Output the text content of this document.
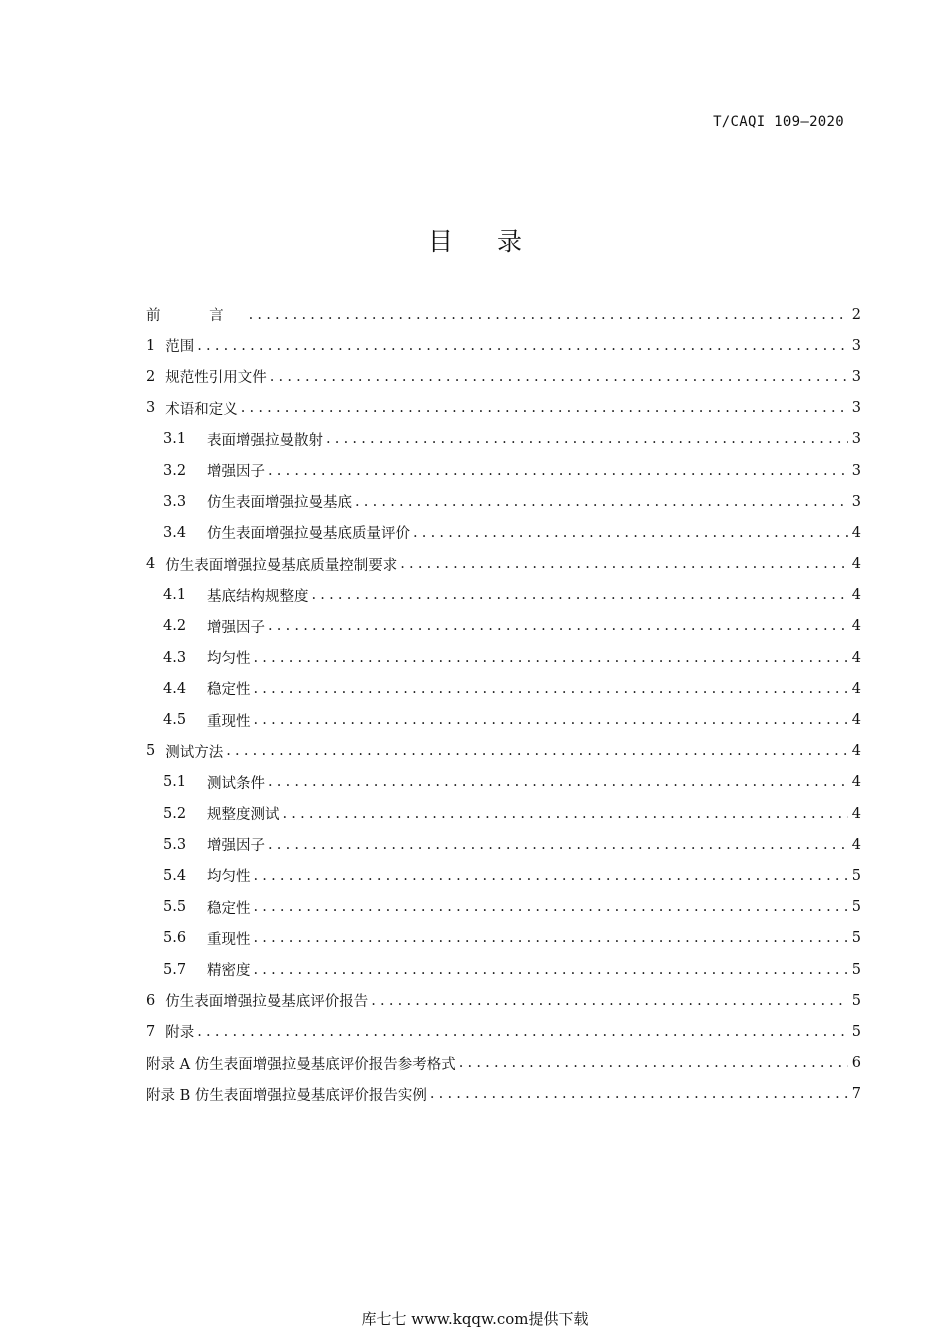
T/CAQI 109—2020
目 录
前 言 .....	2
1 范围 .....	3
2 规范性引用文件 .....	3
3 术语和定义 .....	3
3.1	表面增强拉曼散射 .....	3
3.2	增强因子 .....	3
3.3	仿生表面增强拉曼基底 .....	3
3.4	仿生表面增强拉曼基底质量评价 .....	4
4 仿生表面增强拉曼基底质量控制要求 .....	4
4.1	基底结构规整度 .....	4
4.2	增强因子 .....	4
4.3	均匀性 .....	4
4.4	稳定性 .....	4
4.5	重现性 .....	4
5 测试方法 .....	4
5.1	测试条件 .....	4
5.2	规整度测试 .....	4
5.3	增强因子 .....	4
5.4	均匀性 .....	5
5.5	稳定性 .....	5
5.6	重现性 .....	5
5.7	精密度 .....	5
6 仿生表面增强拉曼基底评价报告 .....	5
7 附录 .....	5
附录 A 仿生表面增强拉曼基底评价报告参考格式 .....	6
附录 B 仿生表面增强拉曼基底评价报告实例 .....	7
库七七 www.kqqw.com提供下载
